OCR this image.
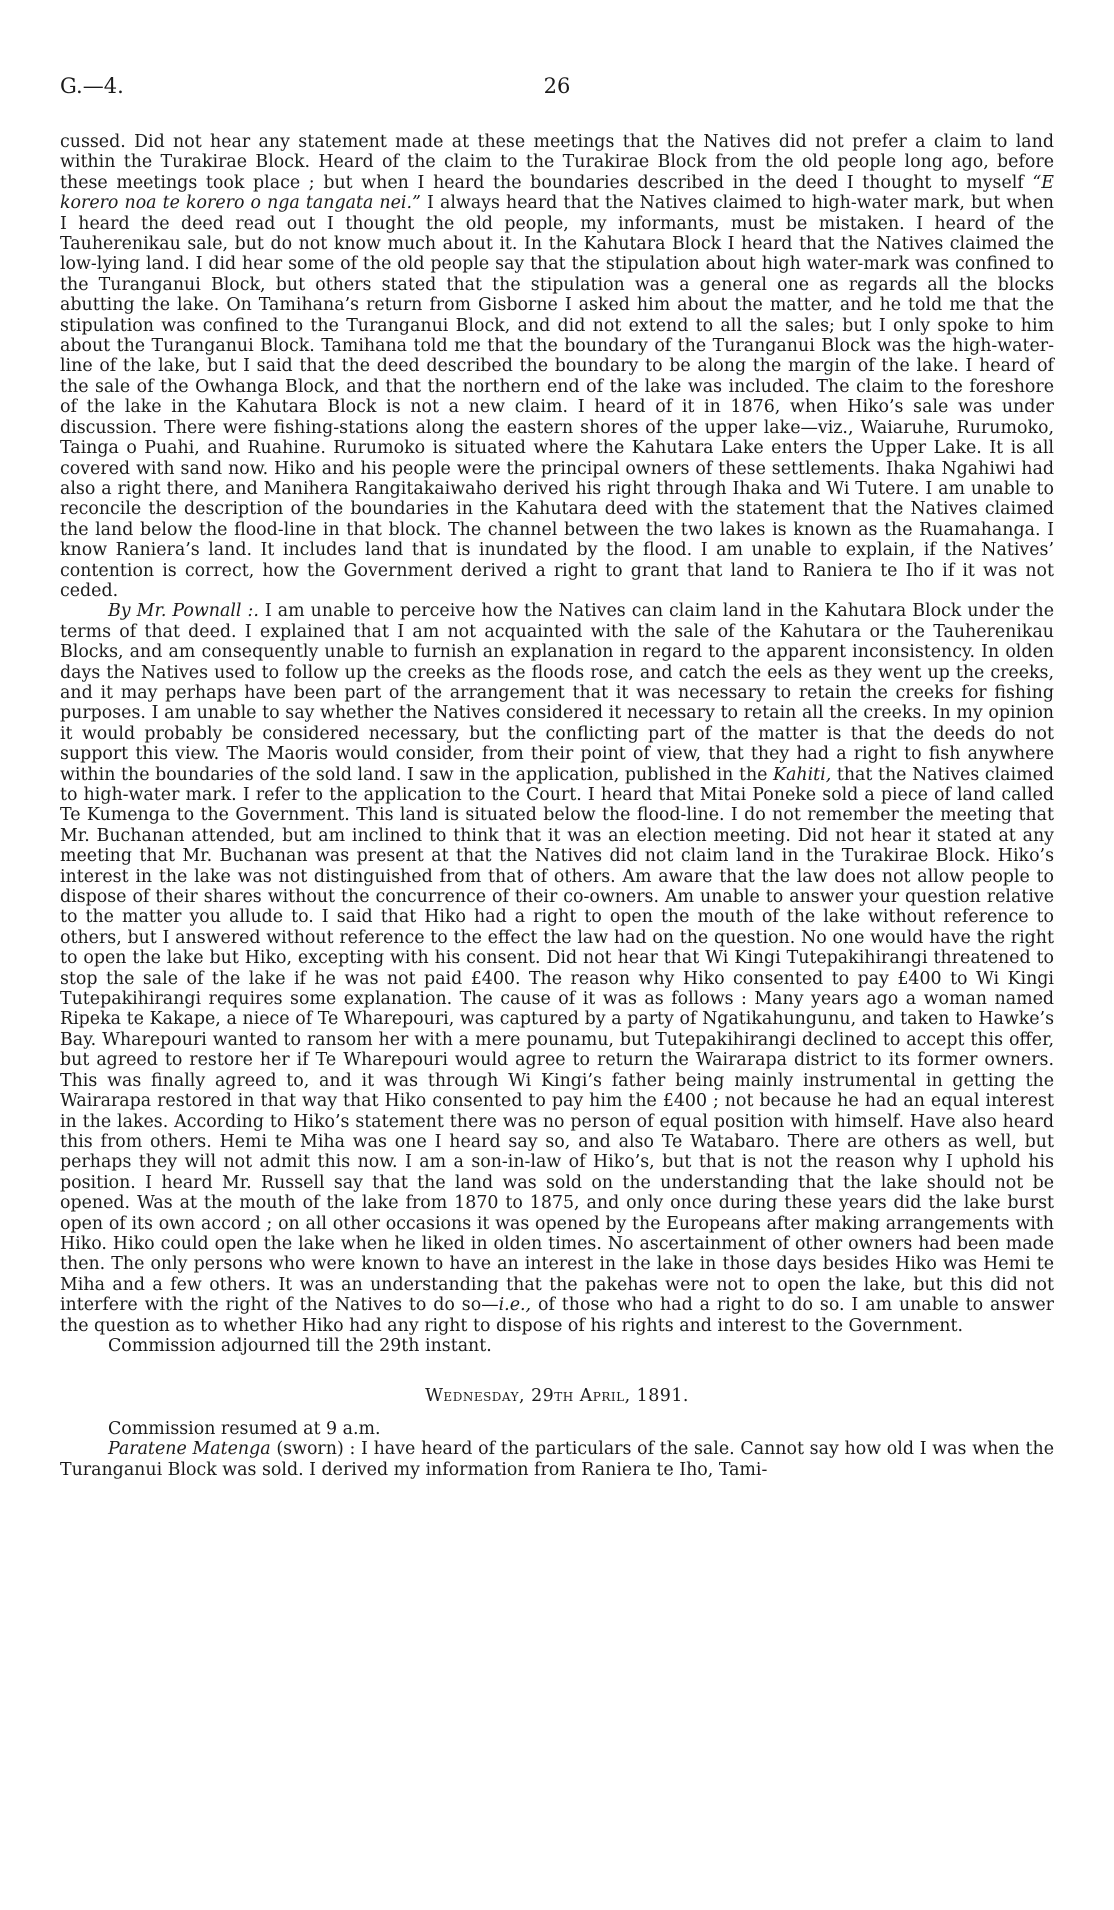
G.—4.	26

cussed. Did not hear any statement made at these meetings that the Natives did not prefer a claim to land within the Turakirae Block. Heard of the claim to the Turakirae Block from the old people long ago, before these meetings took place ; but when I heard the boundaries described in the deed I thought to myself “E korero noa te korero o nga tangata nei.” I always heard that the Natives claimed to high-water mark, but when I heard the deed read out I thought the old people, my informants, must be mistaken. I heard of the Tauherenikau sale, but do not know much about it. In the Kahutara Block I heard that the Natives claimed the low-lying land. I did hear some of the old people say that the stipulation about high water-mark was confined to the Turanganui Block, but others stated that the stipulation was a general one as regards all the blocks abutting the lake. On Tamihana’s return from Gisborne I asked him about the matter, and he told me that the stipulation was confined to the Turanganui Block, and did not extend to all the sales; but I only spoke to him about the Turanganui Block. Tamihana told me that the boundary of the Turanganui Block was the high-water-line of the lake, but I said that the deed described the boundary to be along the margin of the lake. I heard of the sale of the Owhanga Block, and that the northern end of the lake was included. The claim to the foreshore of the lake in the Kahutara Block is not a new claim. I heard of it in 1876, when Hiko’s sale was under discussion. There were fishing-stations along the eastern shores of the upper lake—viz., Waiaruhe, Rurumoko, Tainga o Puahi, and Ruahine. Rurumoko is situated where the Kahutara Lake enters the Upper Lake. It is all covered with sand now. Hiko and his people were the principal owners of these settlements. Ihaka Ngahiwi had also a right there, and Manihera Rangitakaiwaho derived his right through Ihaka and Wi Tutere. I am unable to reconcile the description of the boundaries in the Kahutara deed with the statement that the Natives claimed the land below the flood-line in that block. The channel between the two lakes is known as the Ruamahanga. I know Raniera’s land. It includes land that is inundated by the flood. I am unable to explain, if the Natives’ contention is correct, how the Government derived a right to grant that land to Raniera te Iho if it was not ceded.

By Mr. Pownall :. I am unable to perceive how the Natives can claim land in the Kahutara Block under the terms of that deed. I explained that I am not acquainted with the sale of the Kahutara or the Tauherenikau Blocks, and am consequently unable to furnish an explanation in regard to the apparent inconsistency. In olden days the Natives used to follow up the creeks as the floods rose, and catch the eels as they went up the creeks, and it may perhaps have been part of the arrangement that it was necessary to retain the creeks for fishing purposes. I am unable to say whether the Natives considered it necessary to retain all the creeks. In my opinion it would probably be considered necessary, but the conflicting part of the matter is that the deeds do not support this view. The Maoris would consider, from their point of view, that they had a right to fish anywhere within the boundaries of the sold land. I saw in the application, published in the Kahiti, that the Natives claimed to high-water mark. I refer to the application to the Court. I heard that Mitai Poneke sold a piece of land called Te Kumenga to the Government. This land is situated below the flood-line. I do not remember the meeting that Mr. Buchanan attended, but am inclined to think that it was an election meeting. Did not hear it stated at any meeting that Mr. Buchanan was present at that the Natives did not claim land in the Turakirae Block. Hiko’s interest in the lake was not distinguished from that of others. Am aware that the law does not allow people to dispose of their shares without the concurrence of their co-owners. Am unable to answer your question relative to the matter you allude to. I said that Hiko had a right to open the mouth of the lake without reference to others, but I answered without reference to the effect the law had on the question. No one would have the right to open the lake but Hiko, excepting with his consent. Did not hear that Wi Kingi Tutepakihirangi threatened to stop the sale of the lake if he was not paid £400. The reason why Hiko consented to pay £400 to Wi Kingi Tutepakihirangi requires some explanation. The cause of it was as follows : Many years ago a woman named Ripeka te Kakape, a niece of Te Wharepouri, was captured by a party of Ngatikahungunu, and taken to Hawke’s Bay. Wharepouri wanted to ransom her with a mere pounamu, but Tutepakihirangi declined to accept this offer, but agreed to restore her if Te Wharepouri would agree to return the Wairarapa district to its former owners. This was finally agreed to, and it was through Wi Kingi’s father being mainly instrumental in getting the Wairarapa restored in that way that Hiko consented to pay him the £400 ; not because he had an equal interest in the lakes. According to Hiko’s statement there was no person of equal position with himself. Have also heard this from others. Hemi te Miha was one I heard say so, and also Te Watabaro. There are others as well, but perhaps they will not admit this now. I am a son-in-law of Hiko’s, but that is not the reason why I uphold his position. I heard Mr. Russell say that the land was sold on the understanding that the lake should not be opened. Was at the mouth of the lake from 1870 to 1875, and only once during these years did the lake burst open of its own accord ; on all other occasions it was opened by the Europeans after making arrangements with Hiko. Hiko could open the lake when he liked in olden times. No ascertainment of other owners had been made then. The only persons who were known to have an interest in the lake in those days besides Hiko was Hemi te Miha and a few others. It was an understanding that the pakehas were not to open the lake, but this did not interfere with the right of the Natives to do so—i.e., of those who had a right to do so. I am unable to answer the question as to whether Hiko had any right to dispose of his rights and interest to the Government.

Commission adjourned till the 29th instant.

Wednesday, 29th April, 1891.

Commission resumed at 9 a.m.

Paratene Matenga (sworn) : I have heard of the particulars of the sale. Cannot say how old I was when the Turanganui Block was sold. I derived my information from Raniera te Iho, Tami-
